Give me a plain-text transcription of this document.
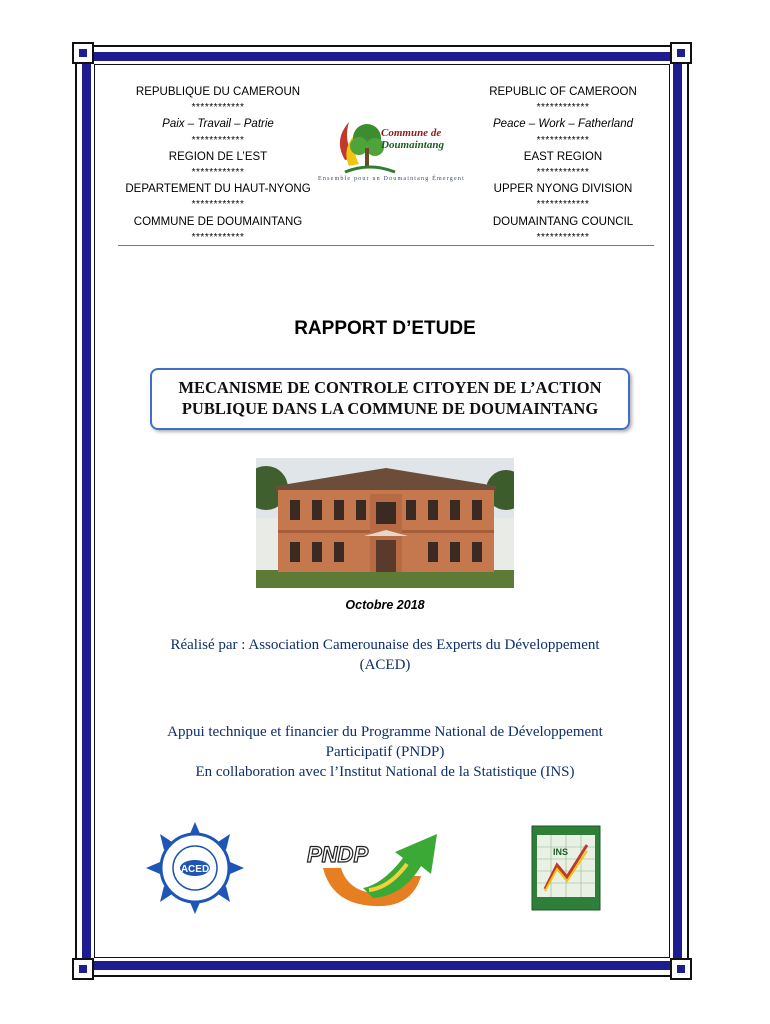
REPUBLIQUE DU CAMEROUN
************
Paix – Travail – Patrie
************
REGION DE L’EST
************
DEPARTEMENT DU HAUT-NYONG
************
COMMUNE DE DOUMAINTANG
************
REPUBLIC OF CAMEROON
************
Peace – Work – Fatherland
************
EAST REGION
************
UPPER NYONG DIVISION
************
DOUMAINTANG COUNCIL
************
Commune de
Doumaintang
Ensemble pour un Doumaintang Émergent
RAPPORT D’ETUDE
MECANISME DE CONTROLE CITOYEN DE L’ACTION
PUBLIQUE DANS LA COMMUNE DE DOUMAINTANG
Octobre 2018
Réalisé par : Association Camerounaise des Experts du Développement
(ACED)
Appui technique et financier du Programme National de Développement
Participatif (PNDP)
En collaboration avec l’Institut National de la Statistique (INS)
ACED
PNDP	INS
